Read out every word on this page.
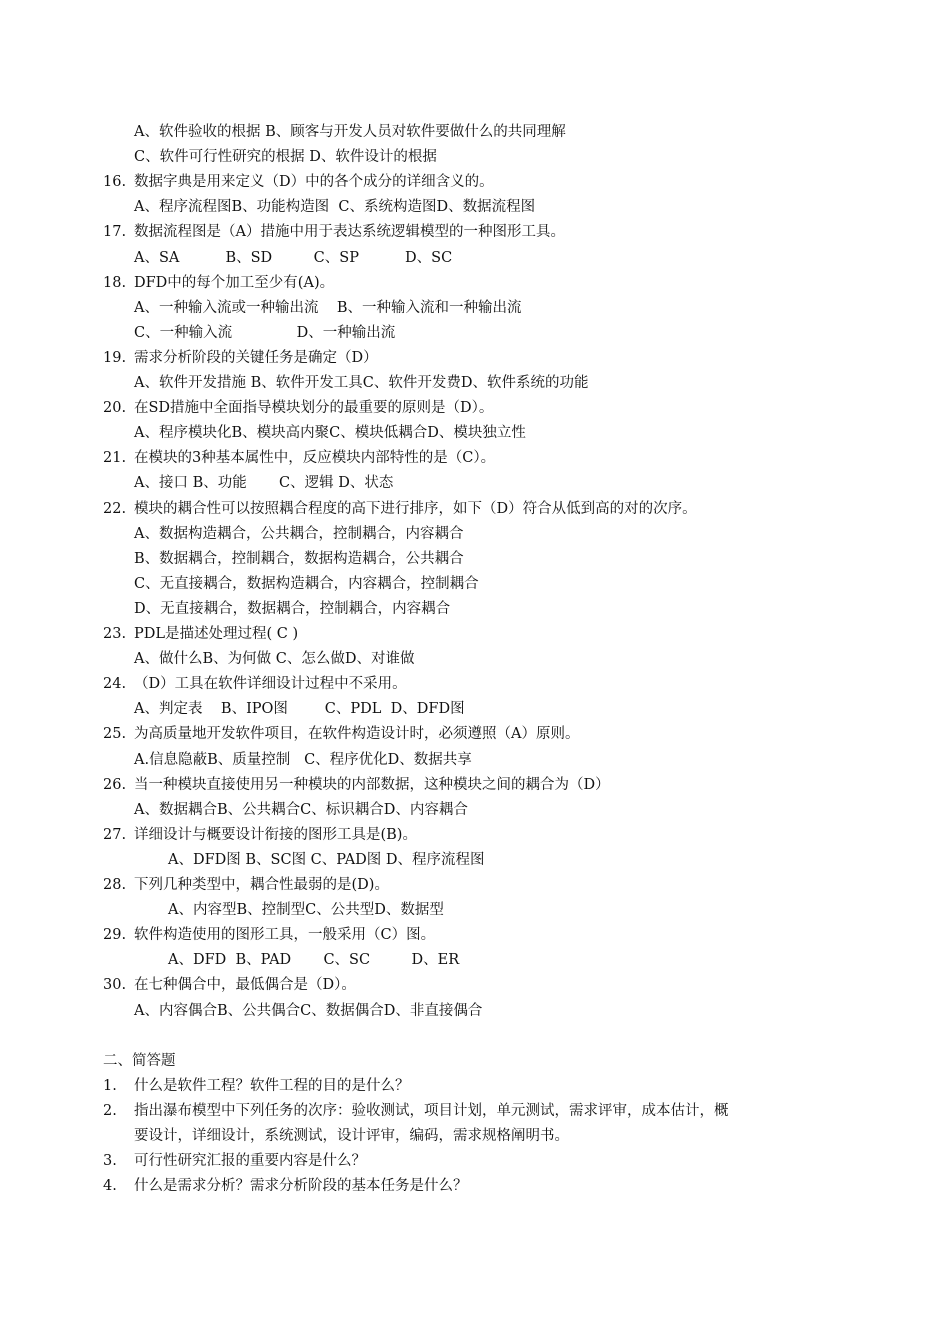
A、软件验收的根据 B、顾客与开发人员对软件要做什么的共同理解
C、软件可行性研究的根据 D、软件设计的根据
16. 数据字典是用来定义（D）中的各个成分的详细含义的。
A、程序流程图B、功能构造图  C、系统构造图D、数据流程图
17. 数据流程图是（A）措施中用于表达系统逻辑模型的一种图形工具。
A、SA          B、SD         C、SP          D、SC
18. DFD中的每个加工至少有(A)。
A、一种输入流或一种输出流    B、一种输入流和一种输出流
C、一种输入流              D、一种输出流
19. 需求分析阶段的关键任务是确定（D）
A、软件开发措施 B、软件开发工具C、软件开发费D、软件系统的功能
20. 在SD措施中全面指导模块划分的最重要的原则是（D）。
A、程序模块化B、模块高内聚C、模块低耦合D、模块独立性
21. 在模块的3种基本属性中，反应模块内部特性的是（C）。
A、接口 B、功能       C、逻辑 D、状态
22. 模块的耦合性可以按照耦合程度的高下进行排序，如下（D）符合从低到高的对的次序。
A、数据构造耦合，公共耦合，控制耦合，内容耦合
B、数据耦合，控制耦合，数据构造耦合，公共耦合
C、无直接耦合，数据构造耦合，内容耦合，控制耦合
D、无直接耦合，数据耦合，控制耦合，内容耦合
23. PDL是描述处理过程( C )
A、做什么B、为何做 C、怎么做D、对谁做
24. （D）工具在软件详细设计过程中不采用。
A、判定表    B、IPO图        C、PDL  D、DFD图
25. 为高质量地开发软件项目，在软件构造设计时，必须遵照（A）原则。
A.信息隐蔽B、质量控制   C、程序优化D、数据共享
26. 当一种模块直接使用另一种模块的内部数据，这种模块之间的耦合为（D）
A、数据耦合B、公共耦合C、标识耦合D、内容耦合
27. 详细设计与概要设计衔接的图形工具是(B)。
A、DFD图 B、SC图 C、PAD图 D、程序流程图
28. 下列几种类型中，耦合性最弱的是(D)。
A、内容型B、控制型C、公共型D、数据型
29. 软件构造使用的图形工具，一般采用（C）图。
A、DFD  B、PAD       C、SC         D、ER
30. 在七种偶合中，最低偶合是（D）。
A、内容偶合B、公共偶合C、数据偶合D、非直接偶合
二、简答题
1.	什么是软件工程？软件工程的目的是什么？
2.	指出瀑布模型中下列任务的次序：验收测试，项目计划，单元测试，需求评审，成本估计，概
要设计，详细设计，系统测试，设计评审，编码，需求规格阐明书。
3.	可行性研究汇报的重要内容是什么？
4.	什么是需求分析？需求分析阶段的基本任务是什么？
